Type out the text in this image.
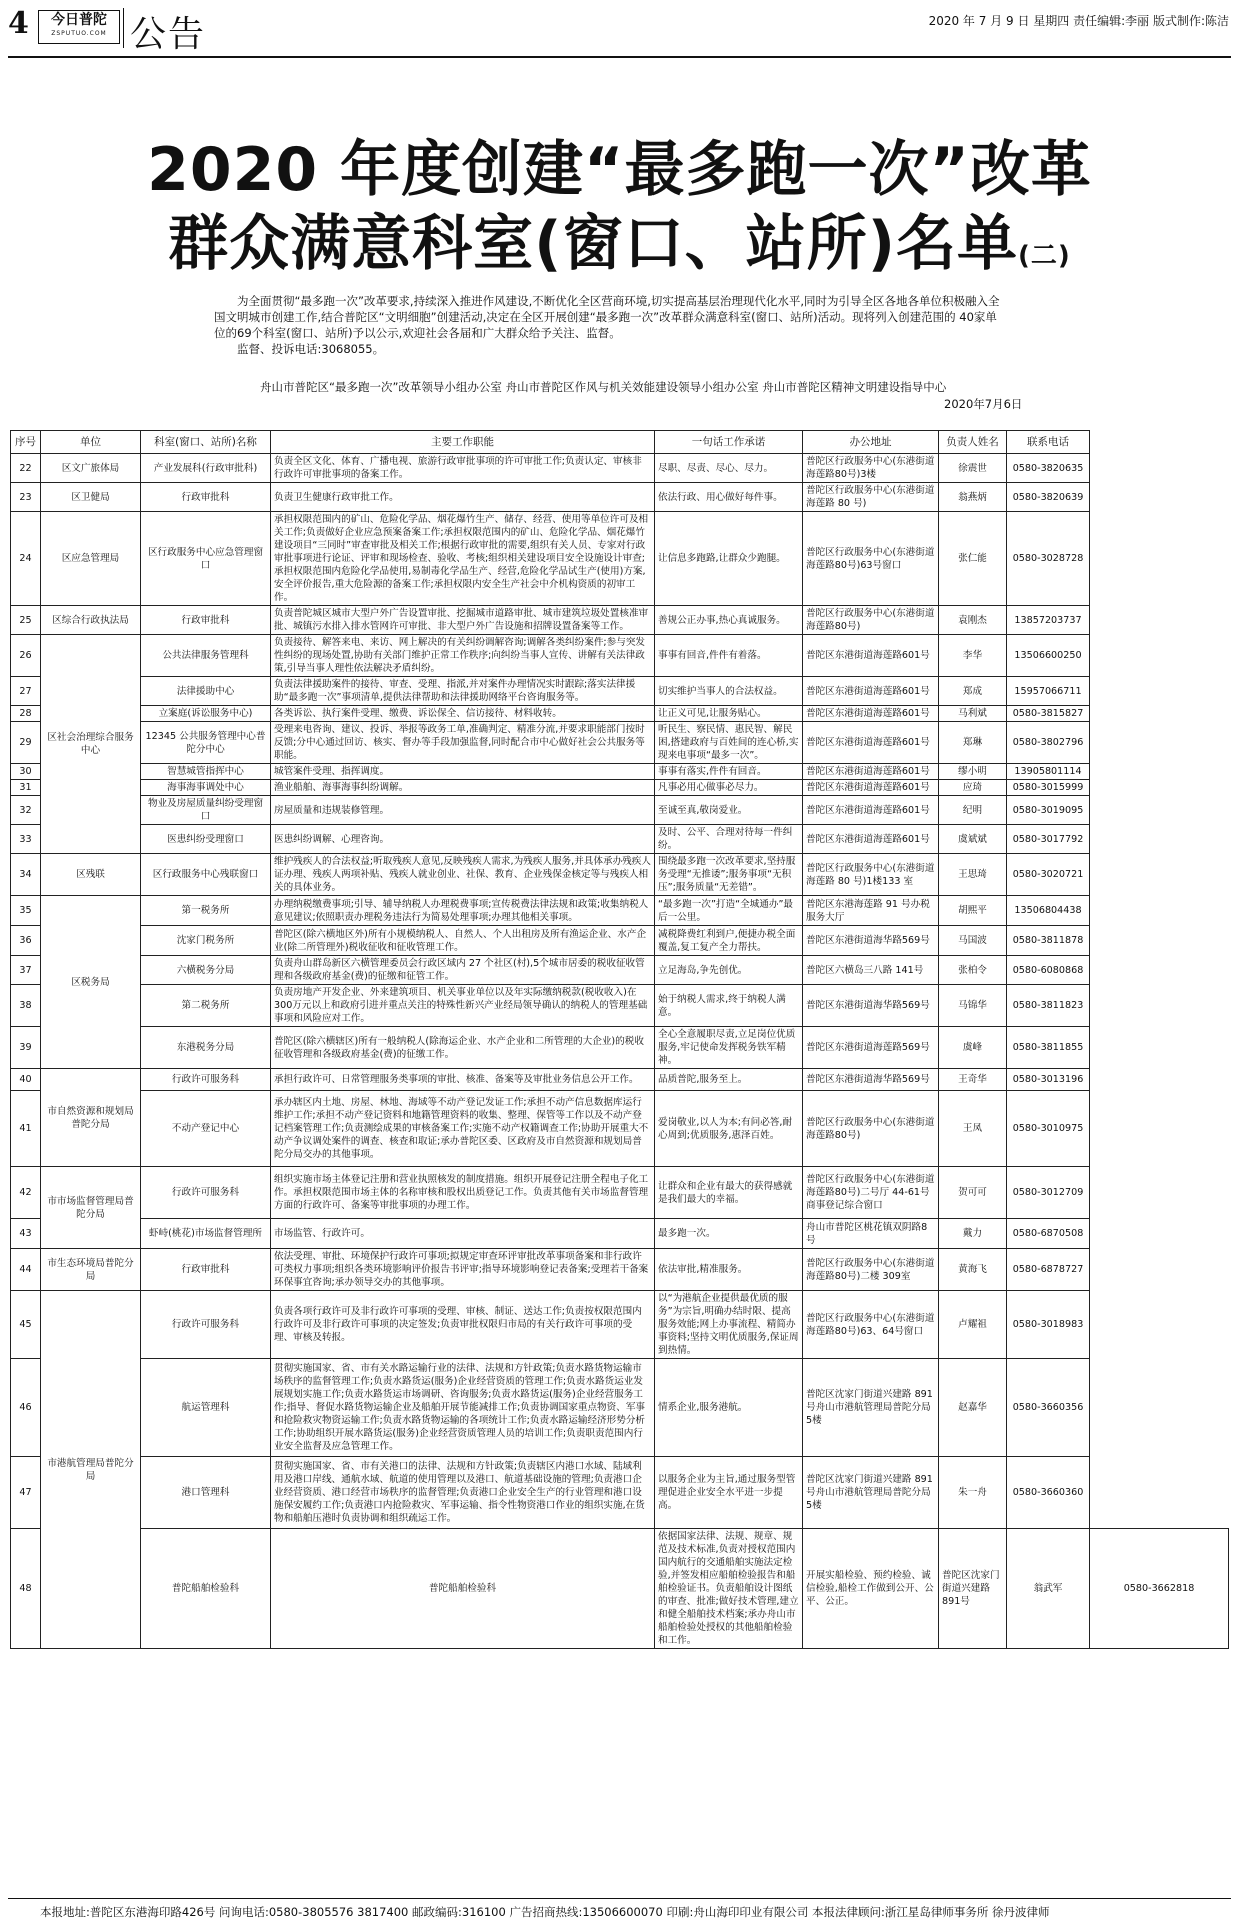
4	今日普陀
ZSPUTUO.COM 公告	2020 年 7 月 9 日 星期四 责任编辑:李丽 版式制作:陈洁
2020 年度创建“最多跑一次”改革
群众满意科室(窗口、站所)名单(二)

为全面贯彻“最多跑一次”改革要求,持续深入推进作风建设,不断优化全区营商环境,切实提高基层治理现代化水平,同时为引导全区各地各单位积极融入全国文明城市创建工作,结合普陀区“文明细胞”创建活动,决定在全区开展创建“最多跑一次”改革群众满意科室(窗口、站所)活动。现将列入创建范围的 40家单位的69个科室(窗口、站所)予以公示,欢迎社会各届和广大群众给予关注、监督。

监督、投诉电话:3068055。

舟山市普陀区“最多跑一次”改革领导小组办公室 舟山市普陀区作风与机关效能建设领导小组办公室 舟山市普陀区精神文明建设指导中心
2020年7月6日
序号	单位	科室(窗口、站所)名称	主要工作职能	一句话工作承诺	办公地址	负责人姓名	联系电话	
22	区文广旅体局	产业发展科(行政审批科)	负责全区文化、体育、广播电视、旅游行政审批事项的许可审批工作;负责认定、审核非行政许可审批事项的备案工作。	尽职、尽责、尽心、尽力。	普陀区行政服务中心(东港街道海莲路80号)3楼	徐震世	0580-3820635	
23	区卫健局	行政审批科	负责卫生健康行政审批工作。	依法行政、用心做好每件事。	普陀区行政服务中心(东港街道海莲路 80 号)	翁燕炳	0580-3820639	
24	区应急管理局	区行政服务中心应急管理窗口	承担权限范围内的矿山、危险化学品、烟花爆竹生产、储存、经营、使用等单位许可及相关工作;负责做好企业应急预案备案工作;承担权限范围内的矿山、危险化学品、烟花爆竹建设项目“三同时”审查审批及相关工作;根据行政审批的需要,组织有关人员、专家对行政审批事项进行论证、评审和现场检查、验收、考核;组织相关建设项目安全设施设计审查;承担权限范围内危险化学品使用,易制毒化学品生产、经营,危险化学品试生产(使用)方案,安全评价报告,重大危险源的备案工作;承担权限内安全生产社会中介机构资质的初审工作。	让信息多跑路,让群众少跑腿。	普陀区行政服务中心(东港街道海莲路80号)63号窗口	张仁能	0580-3028728	
25	区综合行政执法局	行政审批科	负责普陀城区城市大型户外广告设置审批、挖掘城市道路审批、城市建筑垃圾处置核准审批、城镇污水排入排水管网许可审批、非大型户外广告设施和招牌设置备案等工作。	善规公正办事,热心真诚服务。	普陀区行政服务中心(东港街道海莲路80号)	袁刚杰	13857203737	
26	区社会治理综合服务中心	公共法律服务管理科	负责接待、解答来电、来访、网上解决的有关纠纷调解咨询;调解各类纠纷案件;参与突发性纠纷的现场处置,协助有关部门维护正常工作秩序;向纠纷当事人宣传、讲解有关法律政策,引导当事人理性依法解决矛盾纠纷。	事事有回音,件件有着落。	普陀区东港街道海莲路601号	李华	13506600250	
27		法律援助中心	负责法律援助案件的接待、审查、受理、指派,并对案件办理情况实时跟踪;落实法律援助“最多跑一次”事项清单,提供法律帮助和法律援助网络平台咨询服务等。	切实维护当事人的合法权益。	普陀区东港街道海莲路601号	郑成	15957066711	
28		立案庭(诉讼服务中心)	各类诉讼、执行案件受理、缴费、诉讼保全、信访接待、材料收转。	让正义可见,让服务贴心。	普陀区东港街道海莲路601号	马利斌	0580-3815827	
29		12345 公共服务管理中心普陀分中心	受理来电咨询、建议、投诉、举报等政务工单,准确判定、精准分流,并要求职能部门按时反馈;分中心通过回访、核实、督办等手段加强监督,同时配合市中心做好社会公共服务等职能。	听民生、察民情、惠民智、解民困,搭建政府与百姓间的连心桥,实现来电事项“最多一次”。	普陀区东港街道海莲路601号	郑琳	0580-3802796	
30		智慧城管指挥中心	城管案件受理、指挥调度。	事事有落实,件件有回音。	普陀区东港街道海莲路601号	缪小明	13905801114	
31		海事海事调处中心	渔业船舶、海事海事纠纷调解。	凡事必用心做事必尽力。	普陀区东港街道海莲路601号	应琦	0580-3015999	
32		物业及房屋质量纠纷受理窗口	房屋质量和违规装修管理。	至诚至真,敬岗爱业。	普陀区东港街道海莲路601号	纪明	0580-3019095	
33		医患纠纷受理窗口	医患纠纷调解、心理咨询。	及时、公平、合理对待每一件纠纷。	普陀区东港街道海莲路601号	虞斌斌	0580-3017792	
34	区残联	区行政服务中心残联窗口	维护残疾人的合法权益;听取残疾人意见,反映残疾人需求,为残疾人服务,并具体承办残疾人证办理、残疾人两项补贴、残疾人就业创业、社保、教育、企业残保金核定等与残疾人相关的具体业务。	围绕最多跑一次改革要求,坚持服务受理“无推诿”;服务事项“无积压”;服务质量“无差错”。	普陀区行政服务中心(东港街道海莲路 80 号)1楼133 室	王思琦	0580-3020721	
35	区税务局	第一税务所	办理纳税缴费事项;引导、辅导纳税人办理税费事项;宣传税费法律法规和政策;收集纳税人意见建议;依照职责办理税务违法行为简易处理事项;办理其他相关事项。	“最多跑一次”打造“全城通办”最后一公里。	普陀区东港海莲路 91 号办税服务大厅	胡熙平	13506804438	
36		沈家门税务所	普陀区(除六横地区外)所有小规模纳税人、自然人、个人出租房及所有渔运企业、水产企业(除二所管理外)税收征收和征收管理工作。	减税降费红利到户,便捷办税全面覆盖,复工复产全力帮扶。	普陀区东港街道海华路569号	马国波	0580-3811878	
37		六横税务分局	负责舟山群岛新区六横管理委员会行政区域内 27 个社区(村),5个城市居委的税收征收管理和各级政府基金(费)的征缴和征管工作。	立足海岛,争先创优。	普陀区六横岛三八路 141号	张柏令	0580-6080868	
38		第二税务所	负责房地产开发企业、外来建筑项目、机关事业单位以及年实际缴纳税款(税收收入)在300万元以上和政府引进并重点关注的特殊性新兴产业经局领导确认的纳税人的管理基础事项和风险应对工作。	始于纳税人需求,终于纳税人满意。	普陀区东港街道海华路569号	马锦华	0580-3811823	
39		东港税务分局	普陀区(除六横辖区)所有一般纳税人(除海运企业、水产企业和二所管理的大企业)的税收征收管理和各级政府基金(费)的征缴工作。	全心全意履职尽责,立足岗位优质服务,牢记使命发挥税务铁军精神。	普陀区东港街道海莲路569号	虞峰	0580-3811855	
40	市自然资源和规划局普陀分局	行政许可服务科	承担行政许可、日常管理服务类事项的审批、核准、备案等及审批业务信息公开工作。	品质普陀,服务至上。	普陀区东港街道海华路569号	王奇华	0580-3013196	
41		不动产登记中心	承办辖区内土地、房屋、林地、海域等不动产登记发证工作;承担不动产信息数据库运行维护工作;承担不动产登记资料和地籍管理资料的收集、整理、保管等工作以及不动产登记档案管理工作;负责测绘成果的审核备案工作;实施不动产权籍调查工作;协助开展重大不动产争议调处案件的调查、核查和取证;承办普陀区委、区政府及市自然资源和规划局普陀分局交办的其他事项。	爱岗敬业,以人为本;有问必答,耐心周到;优质服务,惠泽百姓。	普陀区行政服务中心(东港街道海莲路80号)	王凤	0580-3010975	
42	市市场监督管理局普陀分局	行政许可服务科	组织实施市场主体登记注册和营业执照核发的制度措施。组织开展登记注册全程电子化工作。承担权限范围市场主体的名称审核和股权出质登记工作。负责其他有关市场监督管理方面的行政许可、备案等审批事项的办理工作。	让群众和企业有最大的获得感就是我们最大的幸福。	普陀区行政服务中心(东港街道海莲路80号)二号厅 44-61号商事登记综合窗口	贺可可	0580-3012709	
43		虾峙(桃花)市场监督管理所	市场监管、行政许可。	最多跑一次。	舟山市普陀区桃花镇双阴路8号	戴力	0580-6870508	
44	市生态环境局普陀分局	行政审批科	依法受理、审批、环境保护行政许可事项;拟规定审查环评审批改革事项备案和非行政许可类权力事项;组织各类环境影响评价报告书评审;指导环境影响登记表备案;受理若干备案环保事宜咨询;承办领导交办的其他事项。	依法审批,精准服务。	普陀区行政服务中心(东港街道海莲路80号)二楼 309室	黄海飞	0580-6878727	
45	市港航管理局普陀分局	行政许可服务科	负责各项行政许可及非行政许可事项的受理、审核、制证、送达工作;负责按权限范围内行政许可及非行政许可事项的决定签发;负责审批权限归市局的有关行政许可事项的受理、审核及转报。	以“为港航企业提供最优质的服务”为宗旨,明确办结时限、提高服务效能;网上办事流程、精简办事资料;坚持文明优质服务,保证周到热情。	普陀区行政服务中心(东港街道海莲路80号)63、64号窗口	卢耀祖	0580-3018983	
46		航运管理科	贯彻实施国家、省、市有关水路运输行业的法律、法规和方针政策;负责水路货物运输市场秩序的监督管理工作;负责水路货运(服务)企业经营资质的管理工作;负责水路货运业发展规划实施工作;负责水路货运市场调研、咨询服务;负责水路货运(服务)企业经营服务工作;指导、督促水路货物运输企业及船舶开展节能减排工作;负责协调国家重点物资、军事和抢险救灾物资运输工作;负责水路货物运输的各项统计工作;负责水路运输经济形势分析工作;协助组织开展水路货运(服务)企业经营资质管理人员的培训工作;负责职责范围内行业安全监督及应急管理工作。	情系企业,服务港航。	普陀区沈家门街道兴建路 891 号舟山市港航管理局普陀分局 5楼	赵嘉华	0580-3660356	
47		港口管理科	贯彻实施国家、省、市有关港口的法律、法规和方针政策;负责辖区内港口水域、陆域利用及港口岸线、通航水域、航道的使用管理以及港口、航道基础设施的管理;负责港口企业经营资质、港口经营市场秩序的监督管理;负责港口企业安全生产的行业管理和港口设施保安履约工作;负责港口内抢险救灾、军事运输、指令性物资港口作业的组织实施,在货物和船舶压港时负责协调和组织疏运工作。	以服务企业为主旨,通过服务型管理促进企业安全水平进一步提高。	普陀区沈家门街道兴建路 891 号舟山市港航管理局普陀分局5楼	朱一舟	0580-3660360	
48		普陀船舶检验科	普陀船舶检验科	依据国家法律、法规、规章、规范及技术标准,负责对授权范围内国内航行的交通船舶实施法定检验,并签发相应船舶检验报告和船舶检验证书。负责船舶设计图纸的审查、批准;做好技术管理,建立和健全船舶技术档案;承办舟山市船舶检验处授权的其他船舶检验和工作。	开展实船检验、预约检验、诚信检验,船检工作做到公开、公平、公正。	普陀区沈家门街道兴建路891号	翁武军	0580-3662818
本报地址:普陀区东港海印路426号 问询电话:0580-3805576 3817400 邮政编码:316100 广告招商热线:13506600070 印刷:舟山海印印业有限公司 本报法律顾问:浙江星岛律师事务所 徐丹波律师
